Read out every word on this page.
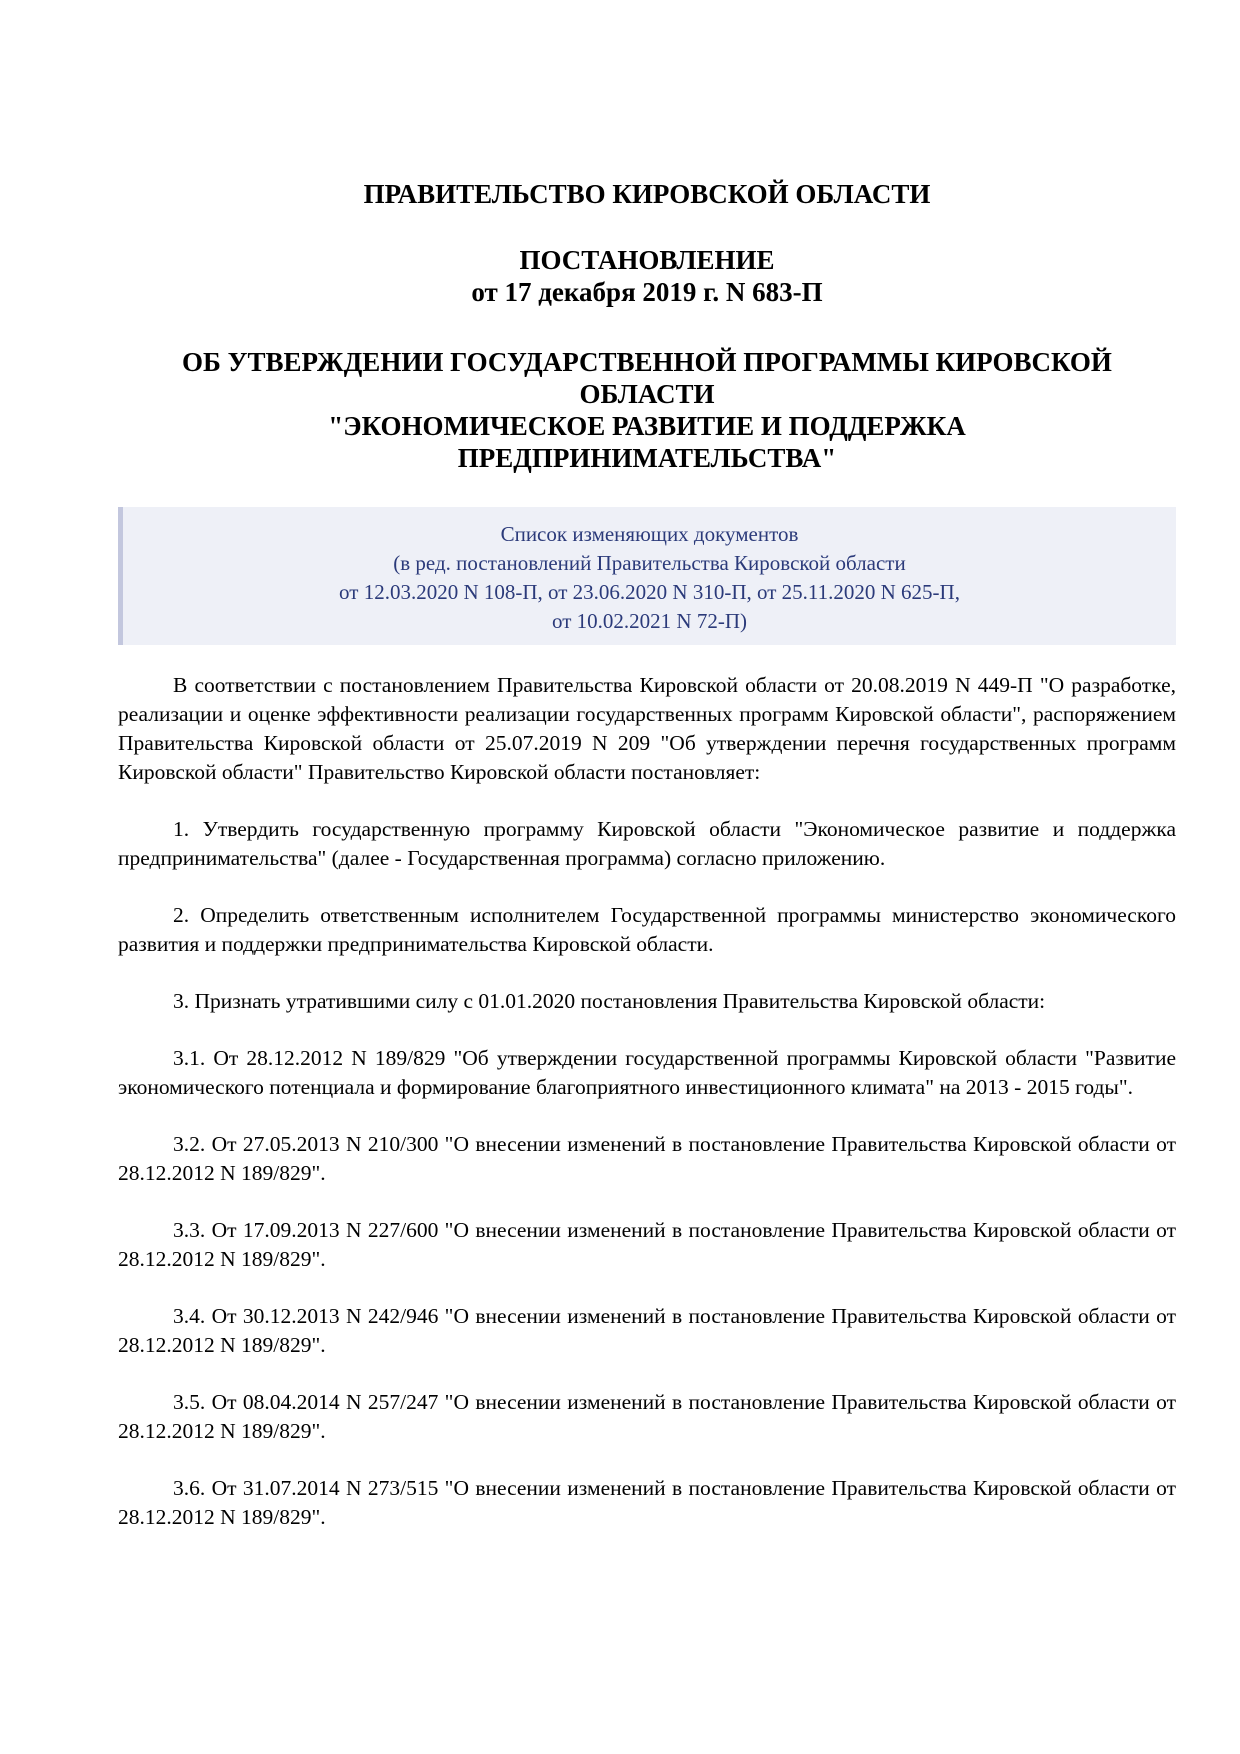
ПРАВИТЕЛЬСТВО КИРОВСКОЙ ОБЛАСТИ

ПОСТАНОВЛЕНИЕ

от 17 декабря 2019 г. N 683-П

ОБ УТВЕРЖДЕНИИ ГОСУДАРСТВЕННОЙ ПРОГРАММЫ КИРОВСКОЙ

ОБЛАСТИ

"ЭКОНОМИЧЕСКОЕ РАЗВИТИЕ И ПОДДЕРЖКА

ПРЕДПРИНИМАТЕЛЬСТВА"

Список изменяющих документов
(в ред. постановлений Правительства Кировской области
от 12.03.2020 N 108-П, от 23.06.2020 N 310-П, от 25.11.2020 N 625-П,
от 10.02.2021 N 72-П)

В соответствии с постановлением Правительства Кировской области от 20.08.2019 N 449-П "О разработке, реализации и оценке эффективности реализации государственных программ Кировской области", распоряжением Правительства Кировской области от 25.07.2019 N 209 "Об утверждении перечня государственных программ Кировской области" Правительство Кировской области постановляет:

1. Утвердить государственную программу Кировской области "Экономическое развитие и поддержка предпринимательства" (далее - Государственная программа) согласно приложению.

2. Определить ответственным исполнителем Государственной программы министерство экономического развития и поддержки предпринимательства Кировской области.

3. Признать утратившими силу с 01.01.2020 постановления Правительства Кировской области:

3.1. От 28.12.2012 N 189/829 "Об утверждении государственной программы Кировской области "Развитие экономического потенциала и формирование благоприятного инвестиционного климата" на 2013 - 2015 годы".

3.2. От 27.05.2013 N 210/300 "О внесении изменений в постановление Правительства Кировской области от 28.12.2012 N 189/829".

3.3. От 17.09.2013 N 227/600 "О внесении изменений в постановление Правительства Кировской области от 28.12.2012 N 189/829".

3.4. От 30.12.2013 N 242/946 "О внесении изменений в постановление Правительства Кировской области от 28.12.2012 N 189/829".

3.5. От 08.04.2014 N 257/247 "О внесении изменений в постановление Правительства Кировской области от 28.12.2012 N 189/829".

3.6. От 31.07.2014 N 273/515 "О внесении изменений в постановление Правительства Кировской области от 28.12.2012 N 189/829".
